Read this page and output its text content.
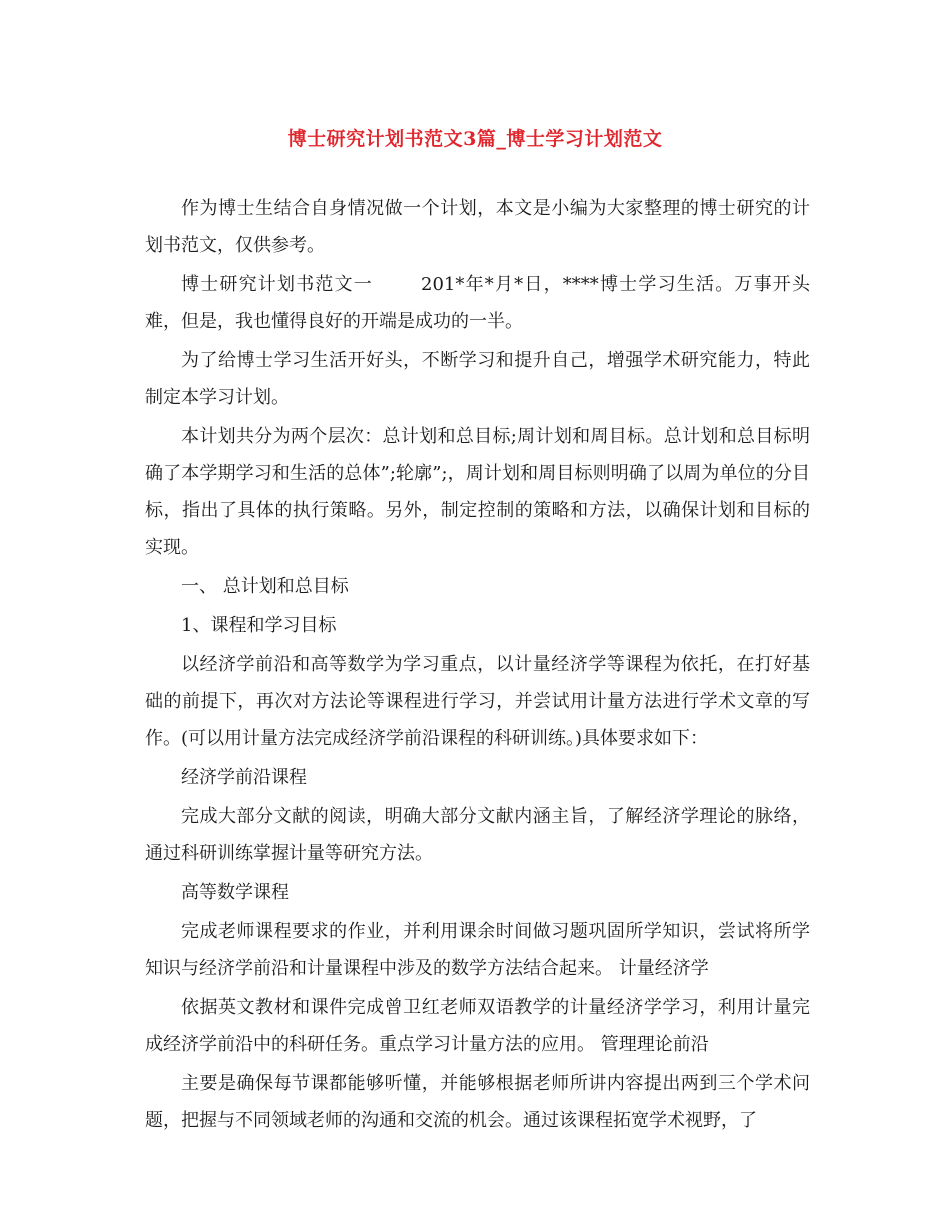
博士研究计划书范文3篇_博士学习计划范文

作为博士生结合自身情况做一个计划，本文是小编为大家整理的博士研究的计划书范文，仅供参考。

博士研究计划书范文一	201*年*月*日，****博士学习生活。万事开头难，但是，我也懂得良好的开端是成功的一半。

为了给博士学习生活开好头，不断学习和提升自己，增强学术研究能力，特此制定本学习计划。

本计划共分为两个层次：总计划和总目标;周计划和周目标。总计划和总目标明确了本学期学习和生活的总体”;轮廓”;，周计划和周目标则明确了以周为单位的分目标，指出了具体的执行策略。另外，制定控制的策略和方法，以确保计划和目标的实现。

一、 总计划和总目标

1、课程和学习目标

以经济学前沿和高等数学为学习重点，以计量经济学等课程为依托，在打好基础的前提下，再次对方法论等课程进行学习，并尝试用计量方法进行学术文章的写作。(可以用计量方法完成经济学前沿课程的科研训练。)具体要求如下：

经济学前沿课程

完成大部分文献的阅读，明确大部分文献内涵主旨，了解经济学理论的脉络，通过科研训练掌握计量等研究方法。

高等数学课程

完成老师课程要求的作业，并利用课余时间做习题巩固所学知识，尝试将所学知识与经济学前沿和计量课程中涉及的数学方法结合起来。 计量经济学

依据英文教材和课件完成曾卫红老师双语教学的计量经济学学习，利用计量完成经济学前沿中的科研任务。重点学习计量方法的应用。 管理理论前沿

主要是确保每节课都能够听懂，并能够根据老师所讲内容提出两到三个学术问题，把握与不同领域老师的沟通和交流的机会。通过该课程拓宽学术视野，了
